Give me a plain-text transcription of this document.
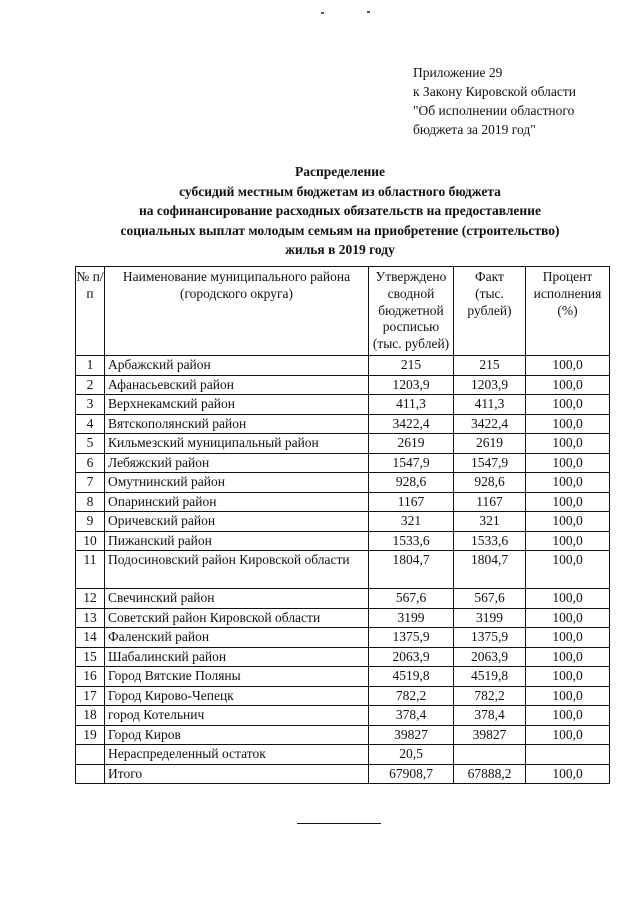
Приложение 29
к Закону Кировской области
"Об исполнении областного
бюджета за 2019 год"
Распределение
субсидий местным бюджетам из областного бюджета
на софинансирование расходных обязательств на предоставление
социальных выплат молодым семьям на приобретение (строительство)
жилья в 2019 году
№ п/п	Наименование муниципального района (городского округа)	Утверждено сводной бюджетной росписью (тыс. рублей)	Факт (тыс. рублей)	Процент исполнения (%)
1	Арбажский район	215	215	100,0
2	Афанасьевский район	1203,9	1203,9	100,0
3	Верхнекамский район	411,3	411,3	100,0
4	Вятскополянский район	3422,4	3422,4	100,0
5	Кильмезский муниципальный район	2619	2619	100,0
6	Лебяжский район	1547,9	1547,9	100,0
7	Омутнинский район	928,6	928,6	100,0
8	Опаринский район	1167	1167	100,0
9	Оричевский район	321	321	100,0
10	Пижанский район	1533,6	1533,6	100,0
11	Подосиновский район Кировской области	1804,7	1804,7	100,0
12	Свечинский район	567,6	567,6	100,0
13	Советский район Кировской области	3199	3199	100,0
14	Фаленский район	1375,9	1375,9	100,0
15	Шабалинский район	2063,9	2063,9	100,0
16	Город Вятские Поляны	4519,8	4519,8	100,0
17	Город Кирово-Чепецк	782,2	782,2	100,0
18	город Котельнич	378,4	378,4	100,0
19	Город Киров	39827	39827	100,0
	Нераспределенный остаток	20,5		
	Итого	67908,7	67888,2	100,0
